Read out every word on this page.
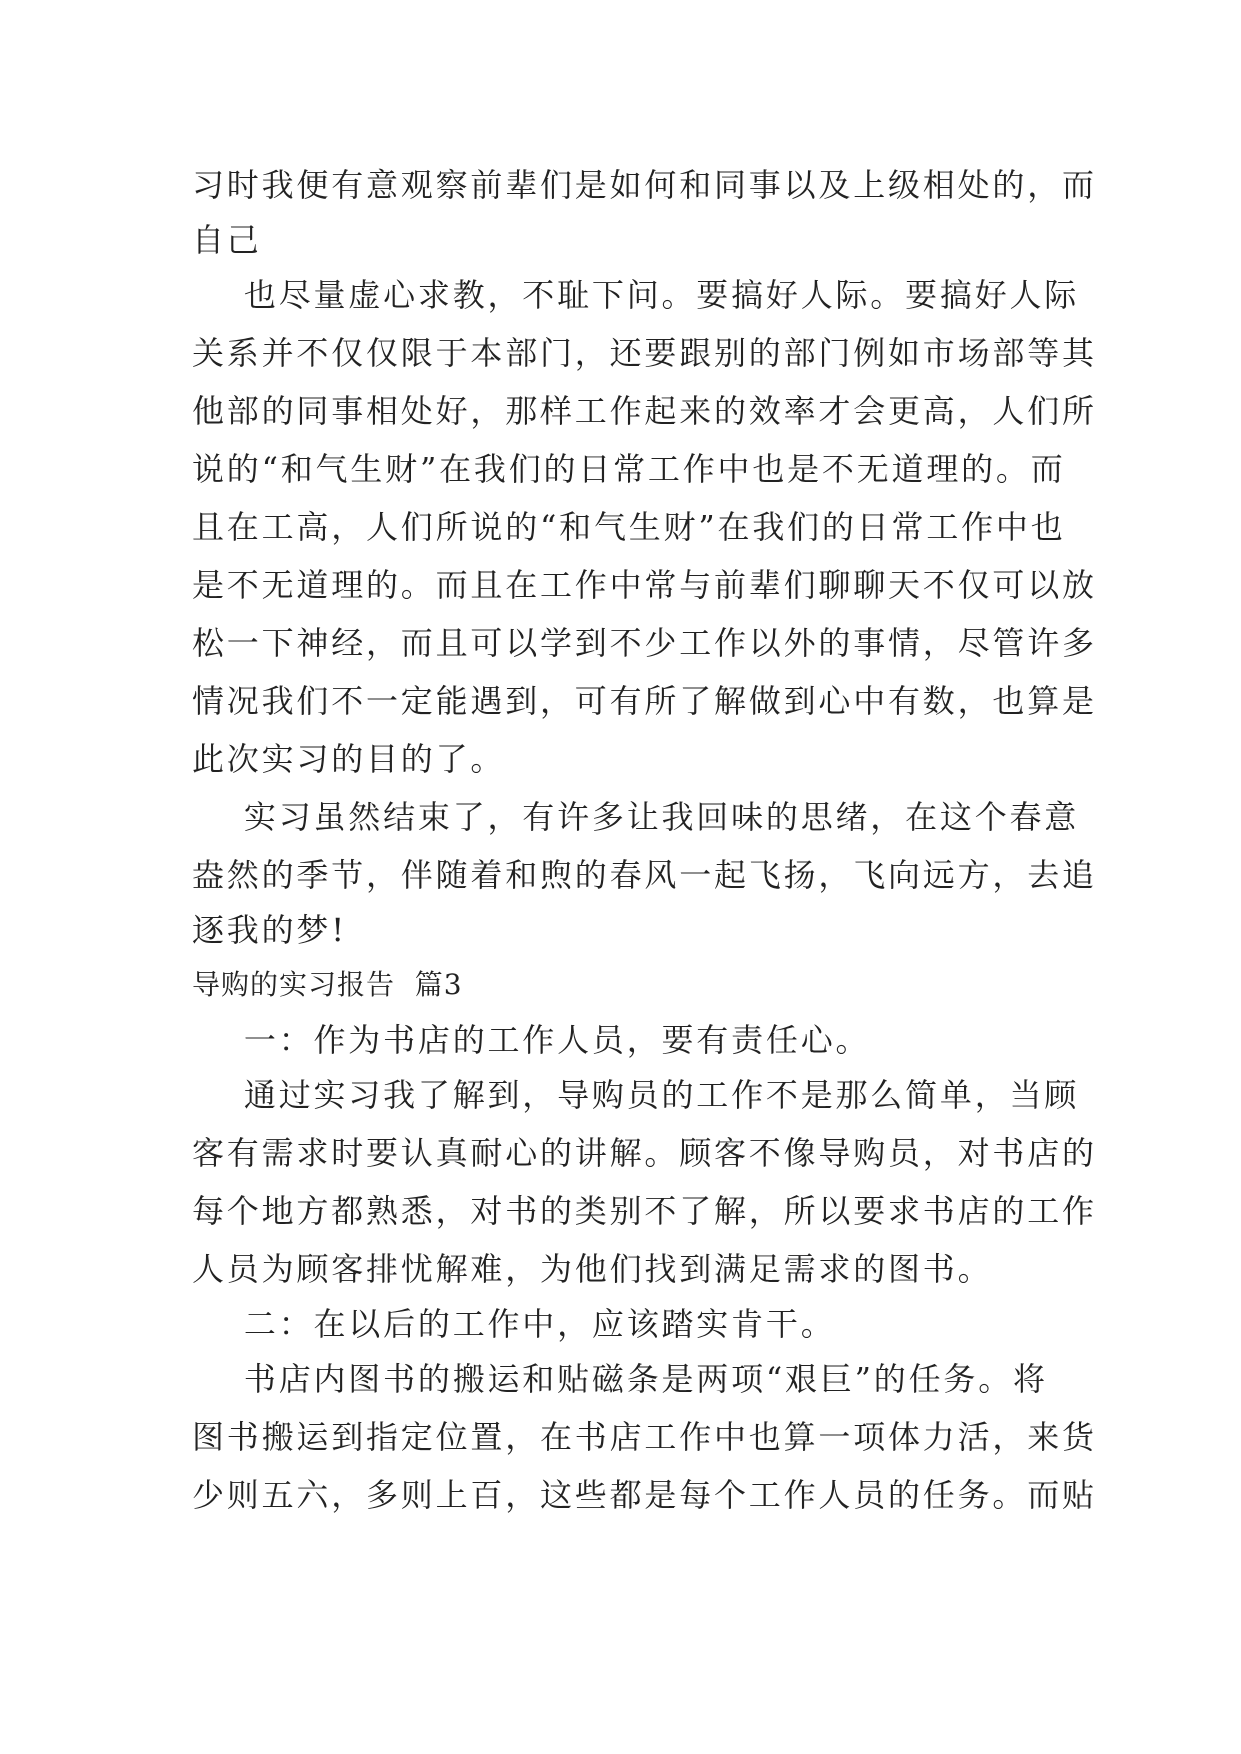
习时我便有意观察前辈们是如何和同事以及上级相处的，而
自己
也尽量虚心求教，不耻下问。要搞好人际。要搞好人际
关系并不仅仅限于本部门，还要跟别的部门例如市场部等其
他部的同事相处好，那样工作起来的效率才会更高，人们所
说的“和气生财”在我们的日常工作中也是不无道理的。而
且在工高，人们所说的“和气生财”在我们的日常工作中也
是不无道理的。而且在工作中常与前辈们聊聊天不仅可以放
松一下神经，而且可以学到不少工作以外的事情，尽管许多
情况我们不一定能遇到，可有所了解做到心中有数，也算是
此次实习的目的了。
实习虽然结束了，有许多让我回味的思绪，在这个春意
盎然的季节，伴随着和煦的春风一起飞扬，飞向远方，去追
逐我的梦!
导购的实习报告  篇3
一：作为书店的工作人员，要有责任心。
通过实习我了解到，导购员的工作不是那么简单，当顾
客有需求时要认真耐心的讲解。顾客不像导购员，对书店的
每个地方都熟悉，对书的类别不了解，所以要求书店的工作
人员为顾客排忧解难，为他们找到满足需求的图书。
二：在以后的工作中，应该踏实肯干。
书店内图书的搬运和贴磁条是两项“艰巨”的任务。将
图书搬运到指定位置，在书店工作中也算一项体力活，来货
少则五六，多则上百，这些都是每个工作人员的任务。而贴
